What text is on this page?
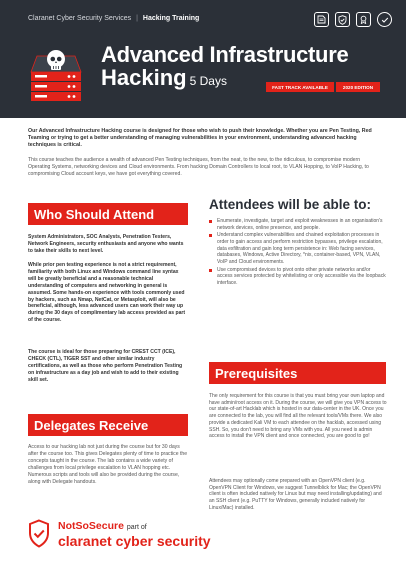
Claranet Cyber Security Services | Hacking Training
Advanced Infrastructure
Hacking 5 Days	FAST TRACK AVAILABLE	2020 EDITION

Our Advanced Infrastructure Hacking course is designed for those who wish to push their knowledge. Whether you are Pen Testing, Red Teaming or trying to get a better understanding of managing vulnerabilities in your environment, understanding advanced hacking techniques is critical.

This course teaches the audience a wealth of advanced Pen Testing techniques, from the neat, to the new, to the ridiculous, to compromise modern Operating Systems, networking devices and Cloud environments. From hacking Domain Controllers to local root, to VLAN Hopping, to VoIP Hacking, to compromising Cloud account keys, we have got everything covered.

Who Should Attend

System Administrators, SOC Analysts, Penetration Testers, Network Engineers, security enthusiasts and anyone who wants to take their skills to next level.

While prior pen testing experience is not a strict requirement, familiarity with both Linux and Windows command line syntax will be greatly beneficial and a reasonable technical understanding of computers and networking in general is assumed. Some hands-on experience with tools commonly used by hackers, such as Nmap, NetCat, or Metasploit, will also be beneficial, although, less advanced users can work their way up during the 30 days of complimentary lab access provided as part of the course.

The course is ideal for those preparing for CREST CCT (ICE), CHECK (CTL), TIGER SST and other similar industry certifications, as well as those who perform Penetration Testing on infrastructure as a day job and wish to add to their existing skill set.

Delegates Receive

Access to our hacking lab not just during the course but for 30 days after the course too. This gives Delegates plenty of time to practice the concepts taught in the course. The lab contains a wide variety of challenges from local privilege escalation to VLAN hopping etc. Numerous scripts and tools will also be provided during the course, along with Delegate handouts.

Attendees will be able to:
Enumerate, investigate, target and exploit weaknesses in an organisation's network devices, online presence, and people.
Understand complex vulnerabilities and chained exploitation processes in order to gain access and perform restriction bypasses, privilege escalation, data exfiltration and gain long term persistence in: Web facing services, databases, Windows, Active Directory, *nix, container-based, VPN, VLAN, VoIP and Cloud environments.
Use compromised devices to pivot onto other private networks and/or access services protected by whitelisting or only accessible via the loopback interface.
Prerequisites

The only requirement for this course is that you must bring your own laptop and have admin/root access on it. During the course, we will give you VPN access to our state-of-art Hacklab which is hosted in our data-center in the UK. Once you are connected to the lab, you will find all the relevant tools/VMs there. We also provide a dedicated Kali VM to each attendee on the hacklab, accessed using SSH. So, you don't need to bring any VMs with you. All you need is admin access to install the VPN client and once connected, you are good to go!

Attendees may optionally come prepared with an OpenVPN client (e.g. OpenVPN Client for Windows, we suggest Tunnelblick for Mac; the OpenVPN client is often included natively for Linux but may need installing/updating) and an SSH client (e.g. PuTTY for Windows, generally included natively for Linux/Mac) installed.

NotSoSecure part of
claranet cyber security
